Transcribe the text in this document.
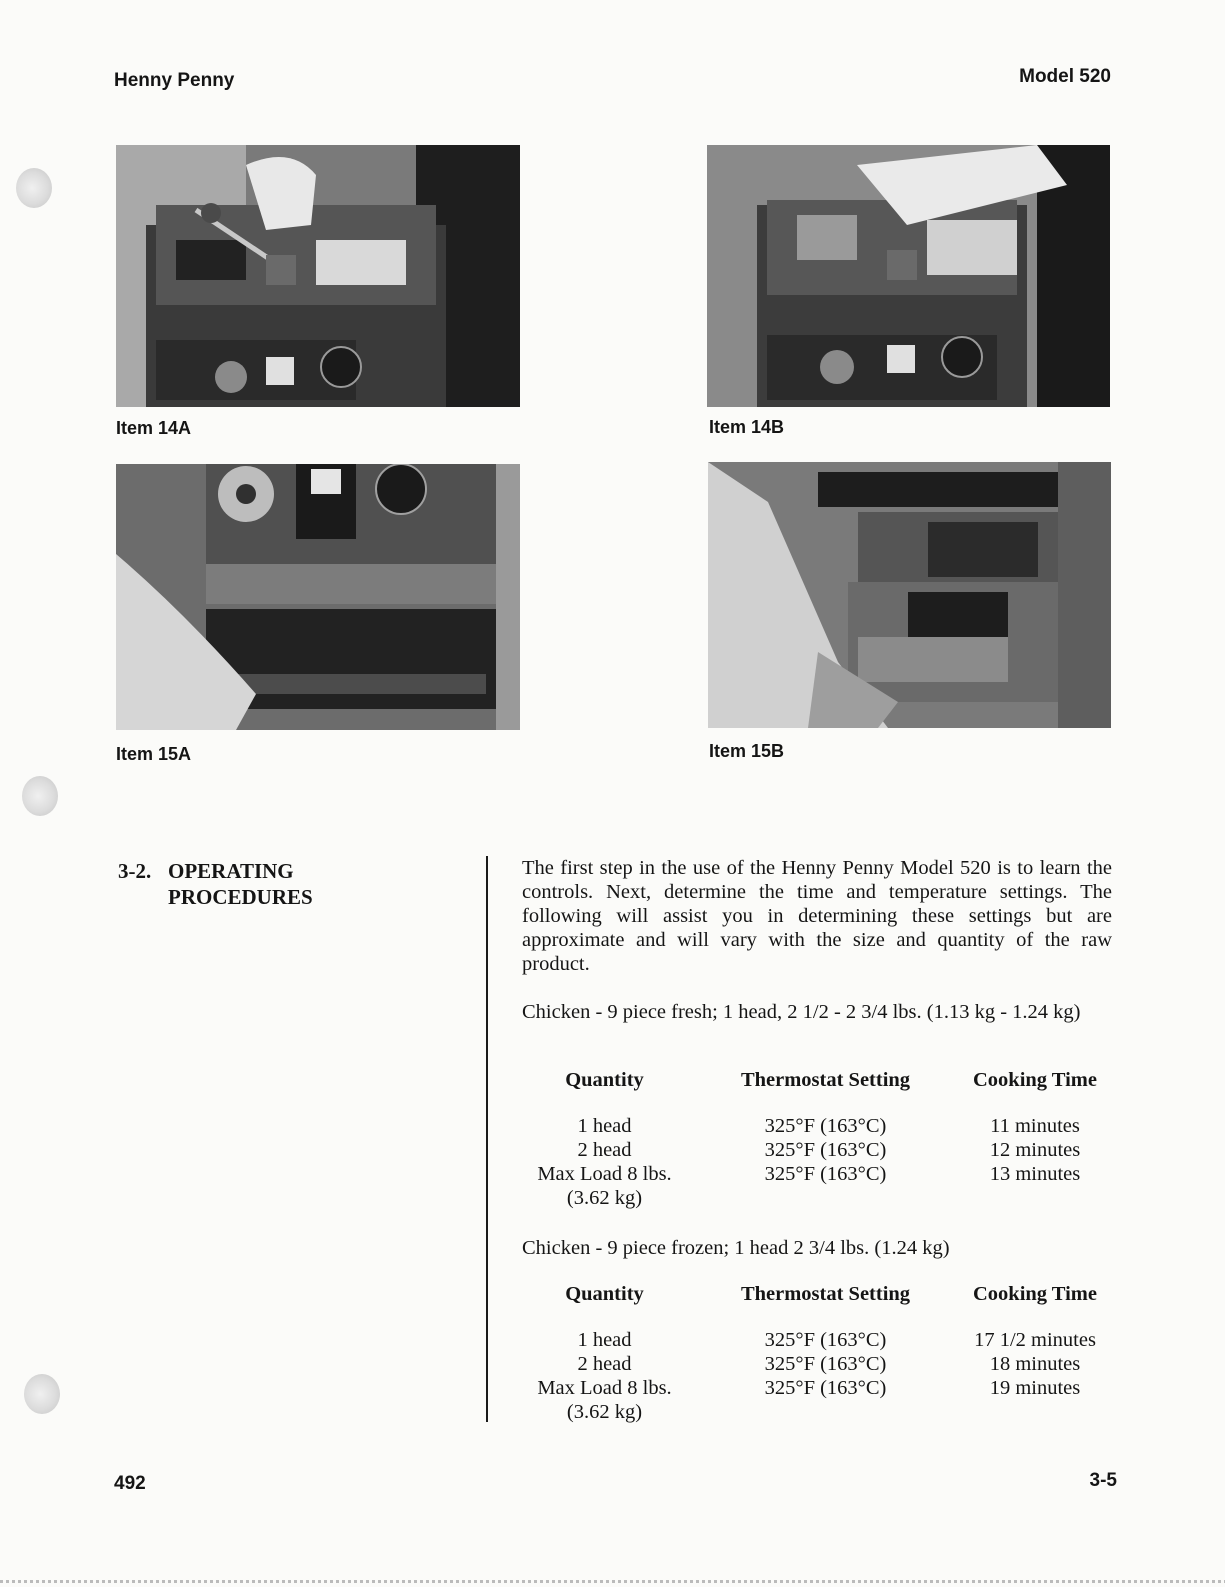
Henny Penny	Model 520
Item 14A	Item 14B
Item 15A	Item 15B
3-2. OPERATING
PROCEDURES
The first step in the use of the Henny Penny Model 520 is to learn the controls. Next, determine the time and temperature settings. The following will assist you in determining these settings but are approximate and will vary with the size and quantity of the raw product.
Chicken - 9 piece fresh; 1 head, 2 1/2 - 2 3/4 lbs. (1.13 kg - 1.24 kg)
Quantity	Thermostat Setting	Cooking Time
1 head	325°F (163°C)	11 minutes
2 head	325°F (163°C)	12 minutes
Max Load 8 lbs.	325°F (163°C)	13 minutes
(3.62 kg)
Chicken - 9 piece frozen; 1 head 2 3/4 lbs. (1.24 kg)
Quantity	Thermostat Setting	Cooking Time
1 head	325°F (163°C)	17 1/2 minutes
2 head	325°F (163°C)	18 minutes
Max Load 8 lbs.	325°F (163°C)	19 minutes
(3.62 kg)
492	3-5
